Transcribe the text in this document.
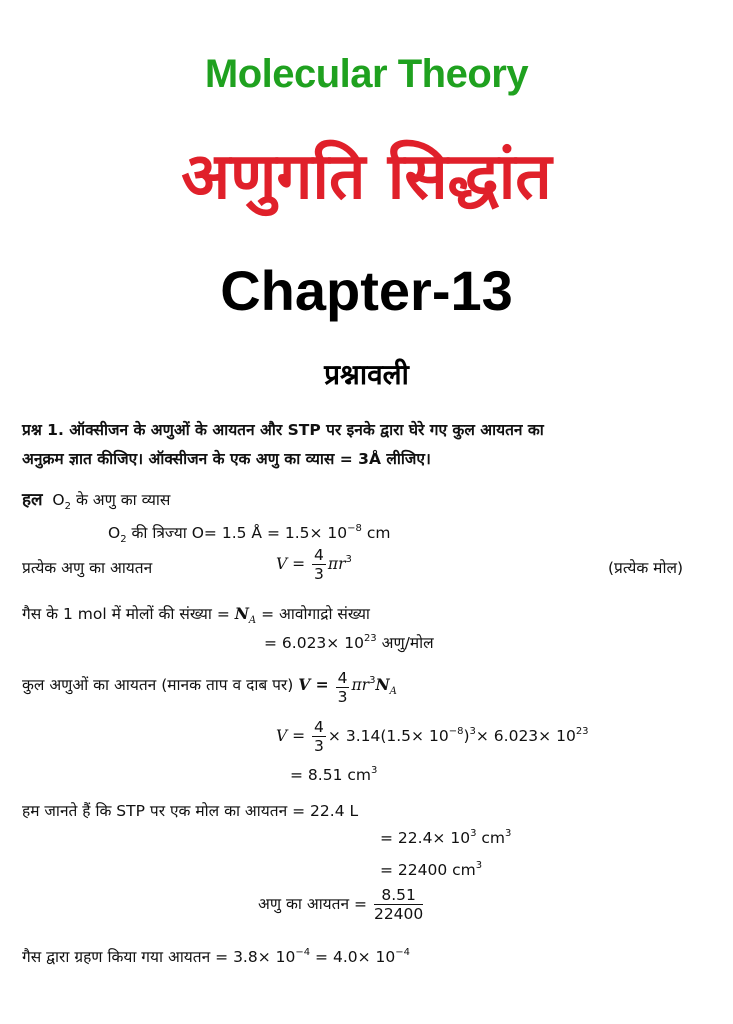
Molecular Theory
अणुगति सिद्धांत
Chapter-13
प्रश्नावली
प्रश्न 1. ऑक्सीजन के अणुओं के आयतन और STP पर इनके द्वारा घेरे गए कुल आयतन का
अनुक्रम ज्ञात कीजिए। ऑक्सीजन के एक अणु का व्यास = 3Å लीजिए।
हल $O_2$ के अणु का व्यास
$O_2$ की त्रिज्या O= 1.5 Å = $1.5\times 10^{-8}$ cm
प्रत्येक अणु का आयतन	$V = \frac{4}{3} \pi r^3$	(प्रत्येक मोल)
गैस के 1 mol में मोलों की संख्या = $N_A$ = आवोगाद्रो संख्या
= $6.023\times 10^{23}$ अणु/मोल
कुल अणुओं का आयतन (मानक ताप व दाब पर) $V = \frac{4}{3} \pi r^3N_A$
$V = \frac{4}{3} \times 3.14(1.5\times 10^{-8})^3\times 6.023\times 10^{23}$
= 8.51 $cm^3$
हम जानते हैं कि STP पर एक मोल का आयतन = 22.4 L
= $22.4\times 10^3$ $cm^3$
= 22400 $cm^3$
अणु का आयतन = $\frac{8.51}{22400}$
गैस द्वारा ग्रहण किया गया आयतन = $3.8\times 10^{-4} = 4.0\times 10^{-4}$
